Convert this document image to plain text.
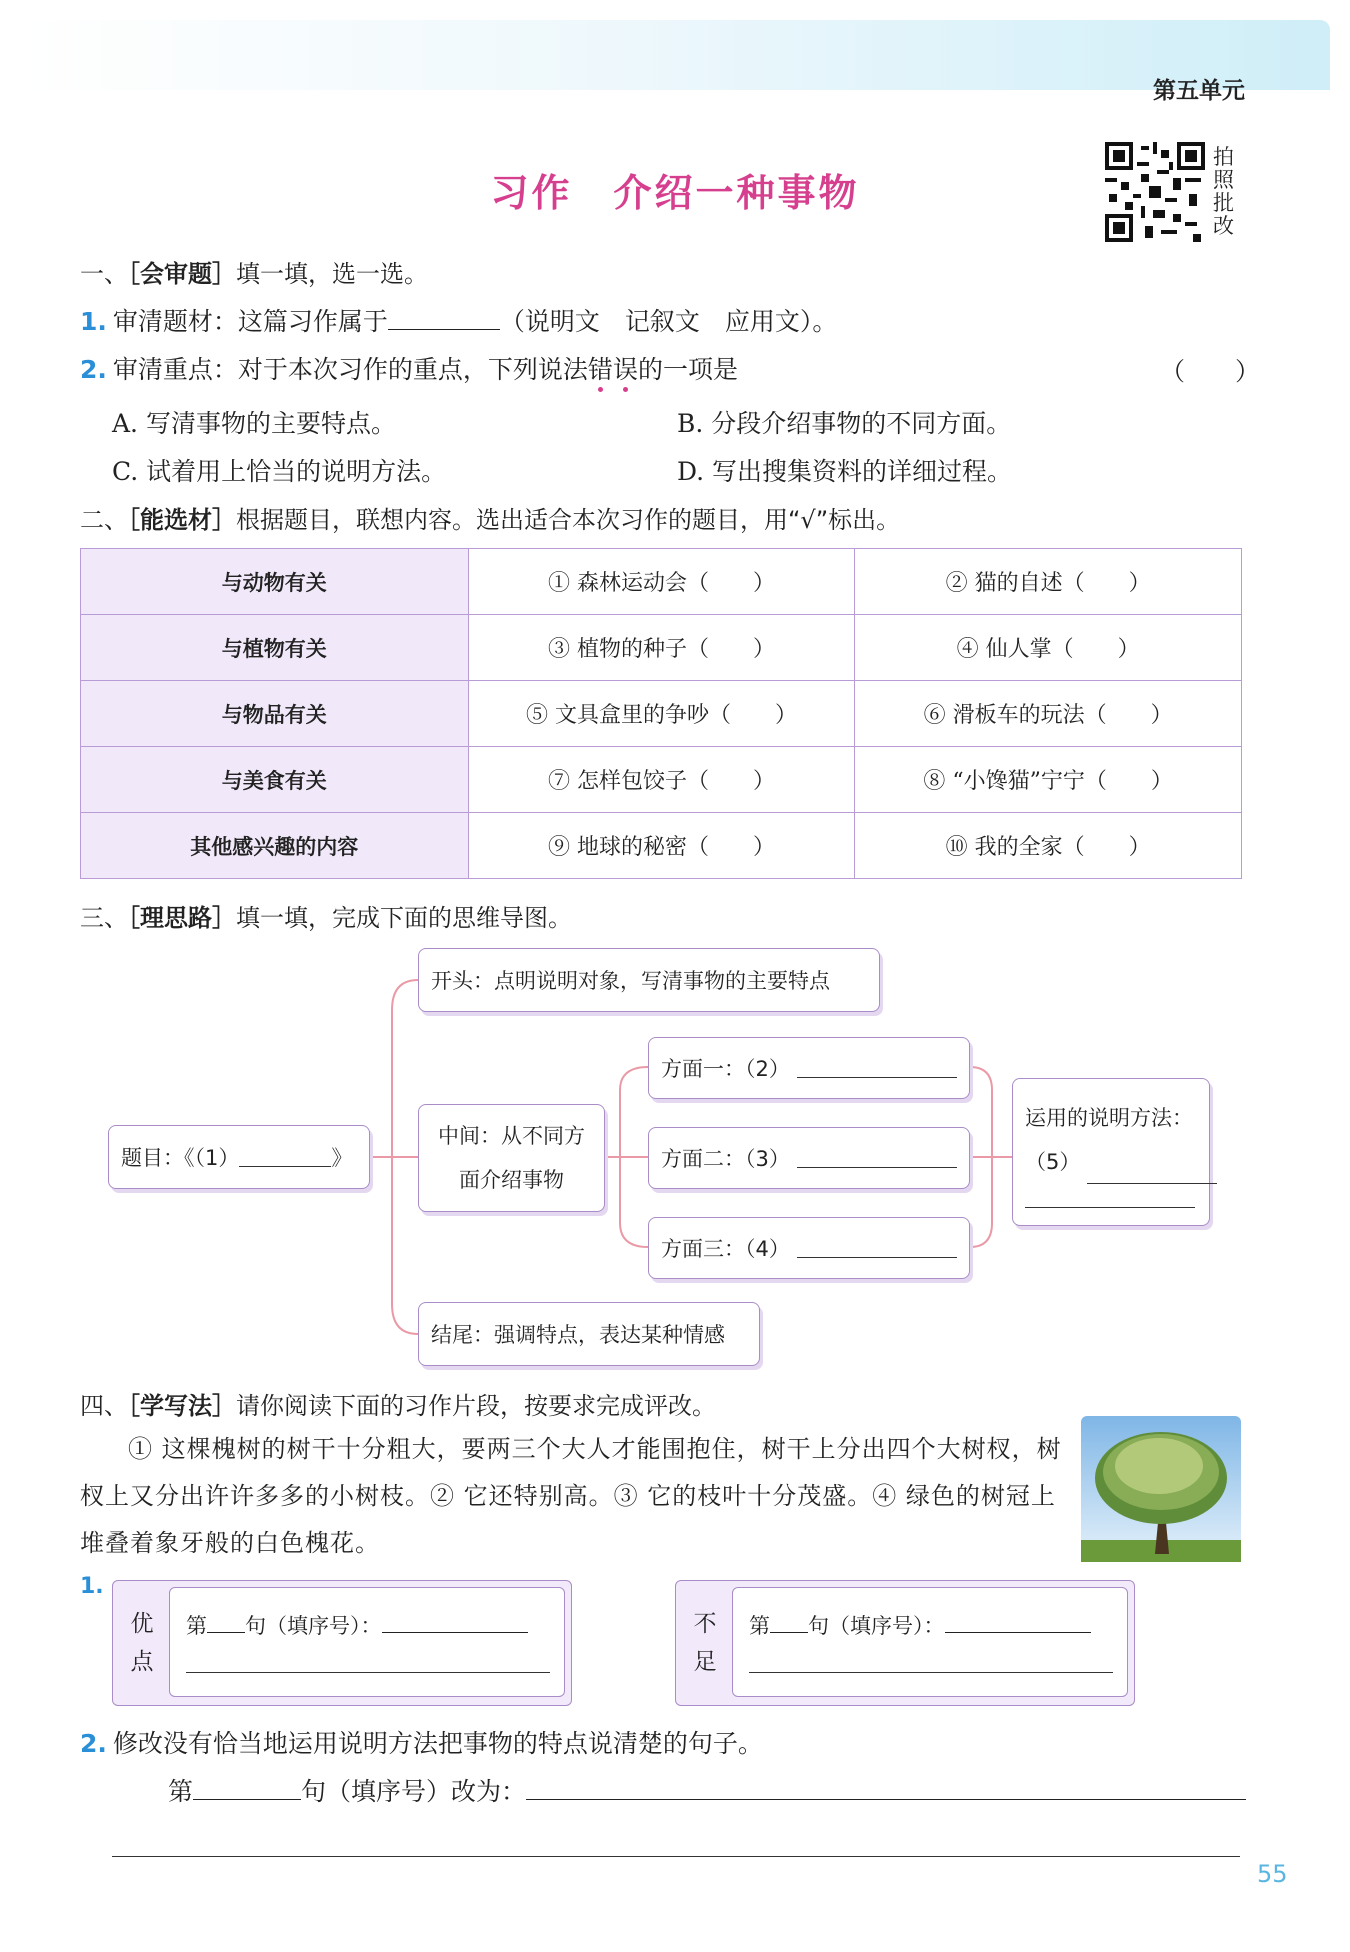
第五单元
拍照批改
习作　介绍一种事物
一、［会审题］填一填，选一选。
1. 审清题材：这篇习作属于	（说明文　记叙文　应用文）。
2. 审清重点：对于本次习作的重点，下列说法错误的一项是	（　　）
A. 写清事物的主要特点。	B. 分段介绍事物的不同方面。
C. 试着用上恰当的说明方法。	D. 写出搜集资料的详细过程。
二、［能选材］根据题目，联想内容。选出适合本次习作的题目，用“√”标出。
与动物有关	① 森林运动会（　　）	② 猫的自述（　　）
与植物有关	③ 植物的种子（　　）	④ 仙人掌（　　）
与物品有关	⑤ 文具盒里的争吵（　　）	⑥ 滑板车的玩法（　　）
与美食有关	⑦ 怎样包饺子（　　）	⑧ “小馋猫”宁宁（　　）
其他感兴趣的内容	⑨ 地球的秘密（　　）	⑩ 我的全家（　　）
三、［理思路］填一填，完成下面的思维导图。
题目：《（1）	》
开头：点明说明对象，写清事物的主要特点
中间：从不同方
面介绍事物
方面一：（2）

方面二：（3）

方面三：（4）

运用的说明方法：
（5）
结尾：强调特点，表达某种情感
四、［学写法］请你阅读下面的习作片段，按要求完成评改。
① 这棵槐树的树干十分粗大，要两三个大人才能围抱住，树干上分出四个大树杈，树杈上又分出许许多多的小树枝。② 它还特别高。③ 它的枝叶十分茂盛。④ 绿色的树冠上堆叠着象牙般的白色槐花。
1.
优点
第 句（填序号）：	不足
第 句（填序号）：
2. 修改没有恰当地运用说明方法把事物的特点说清楚的句子。
第	句（填序号）改为：
55
